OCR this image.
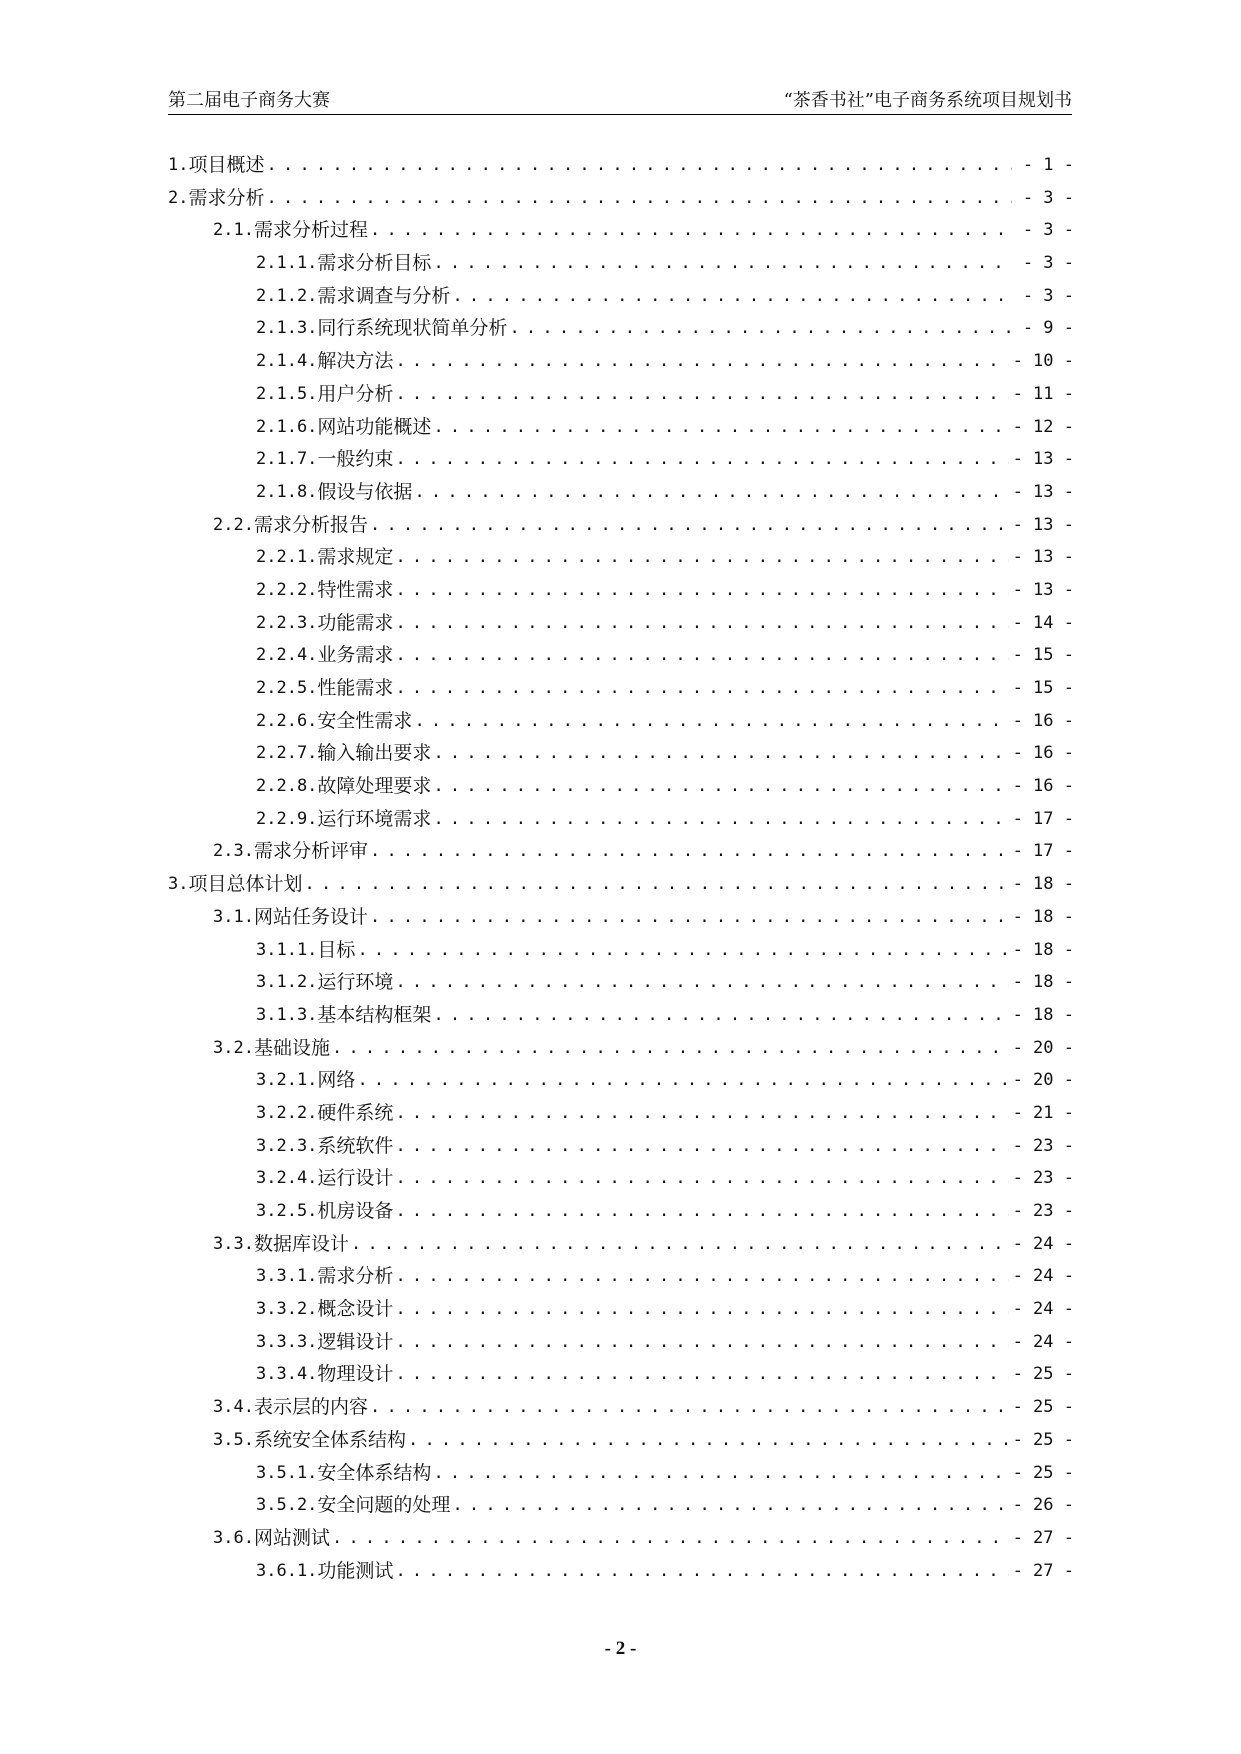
第二届电子商务大赛	“茶香书社”电子商务系统项目规划书
1. 项目概述 . . .	- 1 -
2. 需求分析 . . .	- 3 -
2.1. 需求分析过程 . . .	- 3 -
2.1.1. 需求分析目标 . . .	- 3 -
2.1.2. 需求调查与分析 . . .	- 3 -
2.1.3. 同行系统现状简单分析 . . .	- 9 -
2.1.4. 解决方法 . . .	- 10 -
2.1.5. 用户分析 . . .	- 11 -
2.1.6. 网站功能概述 . . .	- 12 -
2.1.7. 一般约束 . . .	- 13 -
2.1.8. 假设与依据 . . .	- 13 -
2.2. 需求分析报告 . . .	- 13 -
2.2.1. 需求规定 . . .	- 13 -
2.2.2. 特性需求 . . .	- 13 -
2.2.3. 功能需求 . . .	- 14 -
2.2.4. 业务需求 . . .	- 15 -
2.2.5. 性能需求 . . .	- 15 -
2.2.6. 安全性需求 . . .	- 16 -
2.2.7. 输入输出要求 . . .	- 16 -
2.2.8. 故障处理要求 . . .	- 16 -
2.2.9. 运行环境需求 . . .	- 17 -
2.3. 需求分析评审 . . .	- 17 -
3. 项目总体计划 . . .	- 18 -
3.1. 网站任务设计 . . .	- 18 -
3.1.1. 目标 . . .	- 18 -
3.1.2. 运行环境 . . .	- 18 -
3.1.3. 基本结构框架 . . .	- 18 -
3.2. 基础设施 . . .	- 20 -
3.2.1. 网络 . . .	- 20 -
3.2.2. 硬件系统 . . .	- 21 -
3.2.3. 系统软件 . . .	- 23 -
3.2.4. 运行设计 . . .	- 23 -
3.2.5. 机房设备 . . .	- 23 -
3.3. 数据库设计 . . .	- 24 -
3.3.1. 需求分析 . . .	- 24 -
3.3.2. 概念设计 . . .	- 24 -
3.3.3. 逻辑设计 . . .	- 24 -
3.3.4. 物理设计 . . .	- 25 -
3.4. 表示层的内容 . . .	- 25 -
3.5. 系统安全体系结构 . . .	- 25 -
3.5.1. 安全体系结构 . . .	- 25 -
3.5.2. 安全问题的处理 . . .	- 26 -
3.6. 网站测试 . . .	- 27 -
3.6.1. 功能测试 . . .	- 27 -
- 2 -
